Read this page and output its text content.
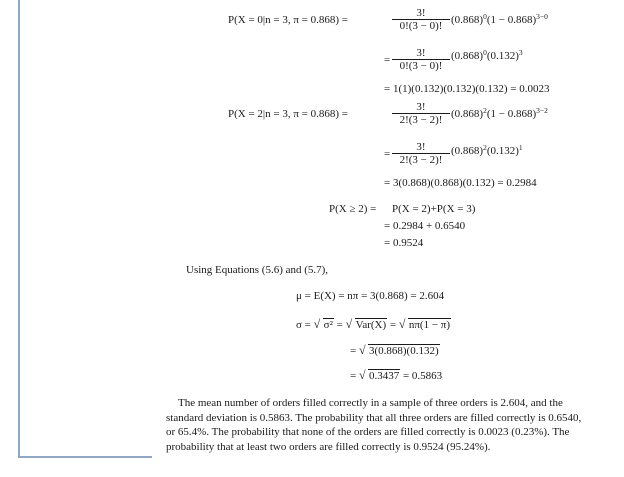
P(X = 0|n = 3, π = 0.868) =
3!
0!(3 − 0)! $(0.868)^0(1 - 0.868)^{3-0}$
=
3!
0!(3 − 0)!
$(0.868)^0(0.132)^3$
= 1(1)(0.132)(0.132)(0.132) = 0.0023
P(X = 2|n = 3, π = 0.868) =
3!
2!(3 − 2)! $(0.868)^2(1 - 0.868)^{3-2}$
=
3!
2!(3 − 2)!
$(0.868)^2(0.132)^1$
= 3(0.868)(0.868)(0.132) = 0.2984
P(X ≥ 2) = P(X = 2)+P(X = 3)
= 0.2984 + 0.6540
= 0.9524
Using Equations (5.6) and (5.7),
μ = E(X) = nπ = 3(0.868) = 2.604
σ = √ σ² = √ Var(X) = √ nπ(1 − π)
= √ 3(0.868)(0.132)
= √ 0.3437 = 0.5863
The mean number of orders filled correctly in a sample of three orders is 2.604, and the
standard deviation is 0.5863. The probability that all three orders are filled correctly is 0.6540,
or 65.4%. The probability that none of the orders are filled correctly is 0.0023 (0.23%). The
probability that at least two orders are filled correctly is 0.9524 (95.24%).
